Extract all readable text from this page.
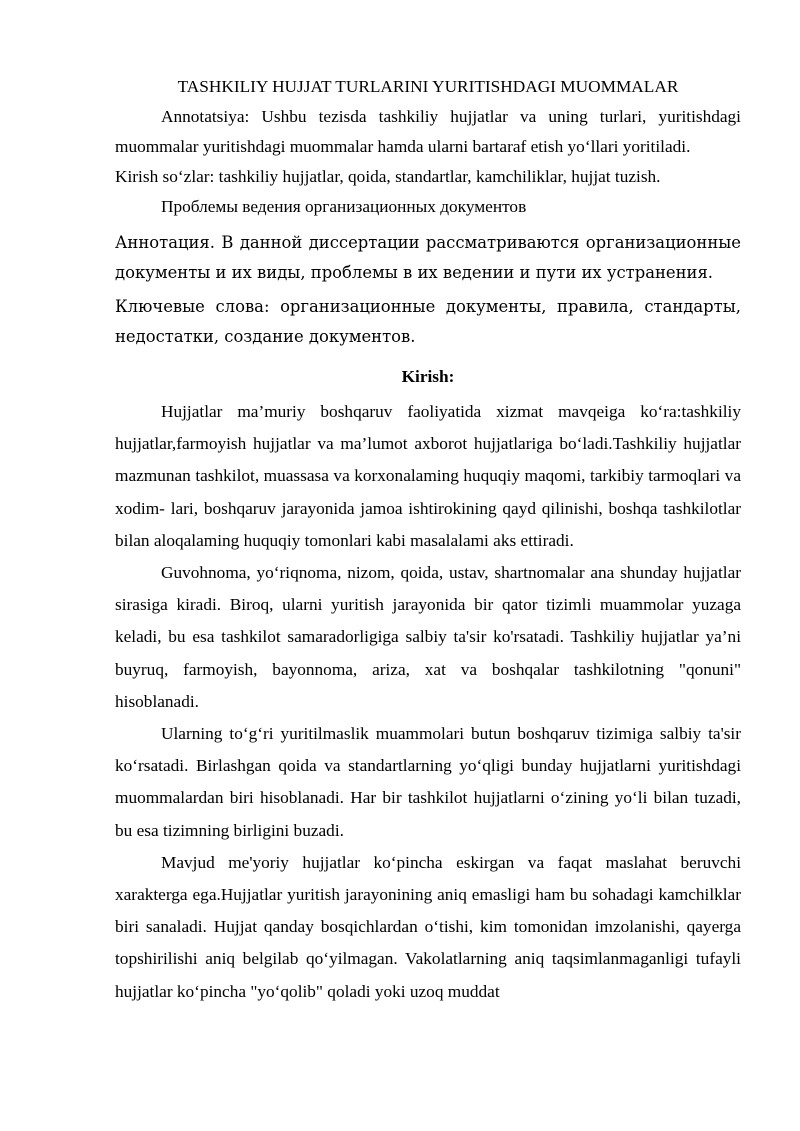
TASHKILIY HUJJAT TURLARINI YURITISHDAGI MUOMMALAR

Annotatsiya: Ushbu tezisda tashkiliy hujjatlar va uning turlari, yuritishdagi muommalar yuritishdagi muommalar hamda ularni bartaraf etish yo‘llari yoritiladi.

Kirish so‘zlar: tashkiliy hujjatlar, qoida, standartlar, kamchiliklar, hujjat tuzish.

Проблемы ведения организационных документов

Аннотация. В данной диссертации рассматриваются организационные документы и их виды, проблемы в их ведении и пути их устранения.

Ключевые слова: организационные документы, правила, стандарты, недостатки, создание документов.

Kirish:

Hujjatlar ma’muriy boshqaruv faoliyatida xizmat mavqeiga ko‘ra:tashkiliy hujjatlar,farmoyish hujjatlar va ma’lumot axborot hujjatlariga bo‘ladi.Tashkiliy hujjatlar mazmunan tashkilot, muassasa va korxonalaming huquqiy maqomi, tarkibiy tarmoqlari va xodim- lari, boshqaruv jarayonida jamoa ishtirokining qayd qilinishi, boshqa tashkilotlar bilan aloqalaming huquqiy tomonlari kabi masalalami aks ettiradi.

Guvohnoma, yo‘riqnoma, nizom, qoida, ustav, shartnomalar ana shunday hujjatlar sirasiga kiradi. Biroq, ularni yuritish jarayonida bir qator tizimli muammolar yuzaga keladi, bu esa tashkilot samaradorligiga salbiy ta'sir ko'rsatadi. Tashkiliy hujjatlar ya’ni buyruq, farmoyish, bayonnoma, ariza, xat va boshqalar tashkilotning "qonuni" hisoblanadi.

Ularning to‘g‘ri yuritilmaslik muammolari butun boshqaruv tizimiga salbiy ta'sir ko‘rsatadi. Birlashgan qoida va standartlarning yo‘qligi bunday hujjatlarni yuritishdagi muommalardan biri hisoblanadi. Har bir tashkilot hujjatlarni o‘zining yo‘li bilan tuzadi, bu esa tizimning birligini buzadi.

Mavjud me'yoriy hujjatlar ko‘pincha eskirgan va faqat maslahat beruvchi xarakterga ega.Hujjatlar yuritish jarayonining aniq emasligi ham bu sohadagi kamchilklar biri sanaladi. Hujjat qanday bosqichlardan o‘tishi, kim tomonidan imzolanishi, qayerga topshirilishi aniq belgilab qo‘yilmagan. Vakolatlarning aniq taqsimlanmaganligi tufayli hujjatlar ko‘pincha "yo‘qolib" qoladi yoki uzoq muddat
